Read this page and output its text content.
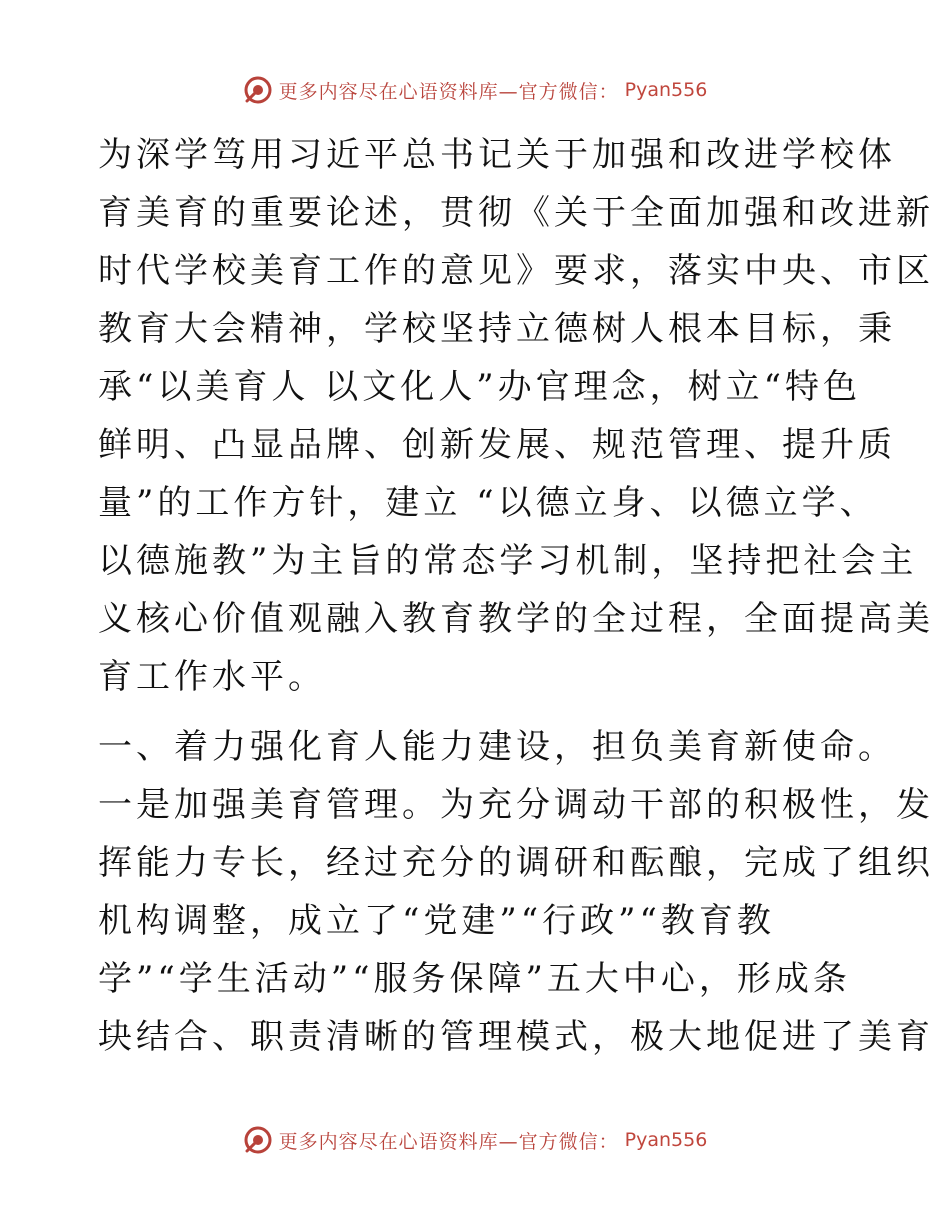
更多内容尽在心语资料库—官方微信： Pyan556
为深学笃用习近平总书记关于加强和改进学校体
育美育的重要论述，贯彻《关于全面加强和改进新
时代学校美育工作的意见》要求，落实中央、市区
教育大会精神，学校坚持立德树人根本目标，秉
承“以美育人 以文化人”办官理念，树立“特色
鲜明、凸显品牌、创新发展、规范管理、提升质
量”的工作方针，建立 “以德立身、以德立学、
以德施教”为主旨的常态学习机制，坚持把社会主
义核心价值观融入教育教学的全过程，全面提高美
育工作水平。
一、着力强化育人能力建设，担负美育新使命。
一是加强美育管理。为充分调动干部的积极性，发
挥能力专长，经过充分的调研和酝酿，完成了组织
机构调整，成立了“党建”“行政”“教育教
学”“学生活动”“服务保障”五大中心，形成条
块结合、职责清晰的管理模式，极大地促进了美育
更多内容尽在心语资料库—官方微信： Pyan556
